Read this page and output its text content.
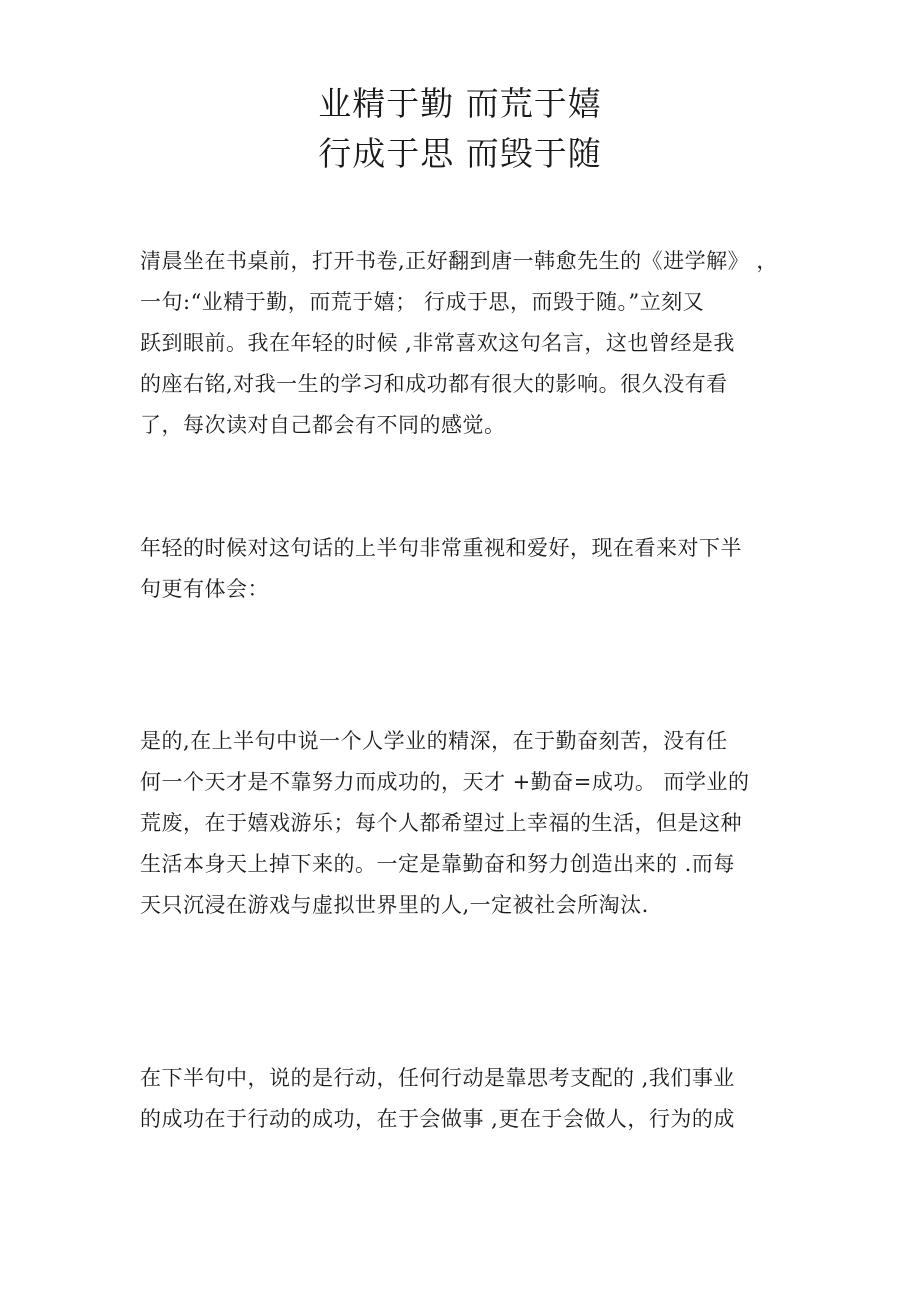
业精于勤 而荒于嬉
行成于思 而毁于随

清晨坐在书桌前，打开书卷,正好翻到唐一韩愈先生的《进学解》 ，
一句:“业精于勤，而荒于嬉； 行成于思，而毁于随。”立刻又
跃到眼前。我在年轻的时候 ,非常喜欢这句名言，这也曾经是我
的座右铭,对我一生的学习和成功都有很大的影响。很久没有看
了，每次读对自己都会有不同的感觉。

年轻的时候对这句话的上半句非常重视和爱好，现在看来对下半
句更有体会：

是的,在上半句中说一个人学业的精深，在于勤奋刻苦，没有任
何一个天才是不靠努力而成功的，天才 +勤奋=成功。 而学业的
荒废，在于嬉戏游乐；每个人都希望过上幸福的生活，但是这种
生活本身天上掉下来的。一定是靠勤奋和努力创造出来的 .而每
天只沉浸在游戏与虚拟世界里的人,一定被社会所淘汰.

在下半句中，说的是行动，任何行动是靠思考支配的 ,我们事业
的成功在于行动的成功，在于会做事 ,更在于会做人，行为的成
